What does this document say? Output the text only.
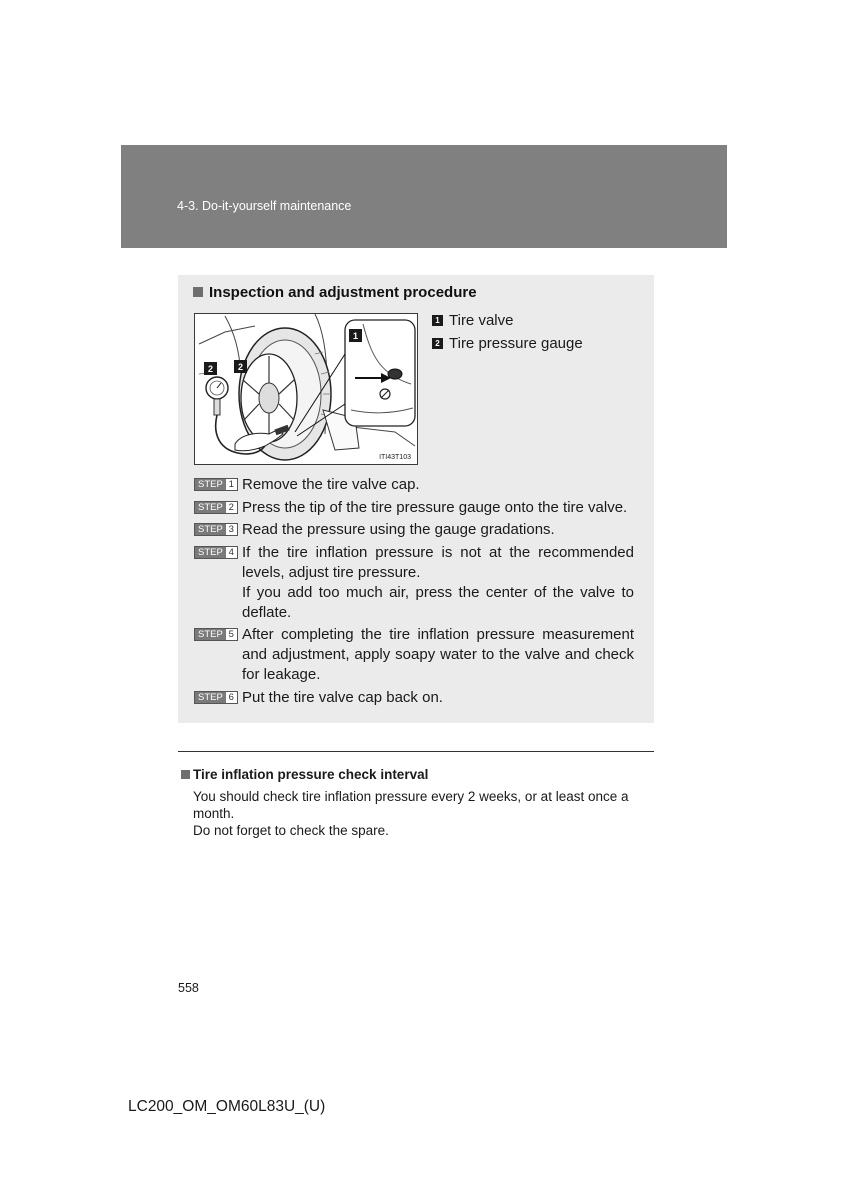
4-3. Do-it-yourself maintenance
Inspection and adjustment procedure
1
2
2
ITI43T103
1 Tire valve
2 Tire pressure gauge
STEP 1 Remove the tire valve cap.

STEP 2 Press the tip of the tire pressure gauge onto the tire valve.

STEP 3 Read the pressure using the gauge gradations.

STEP 4 If the tire inflation pressure is not at the recommended levels, adjust tire pressure.

If you add too much air, press the center of the valve to deflate.

STEP 5 After completing the tire inflation pressure measurement and adjustment, apply soapy water to the valve and check for leakage.

STEP 6 Put the tire valve cap back on.

Tire inflation pressure check interval

You should check tire inflation pressure every 2 weeks, or at least once a month.

Do not forget to check the spare.

558
LC200_OM_OM60L83U_(U)
